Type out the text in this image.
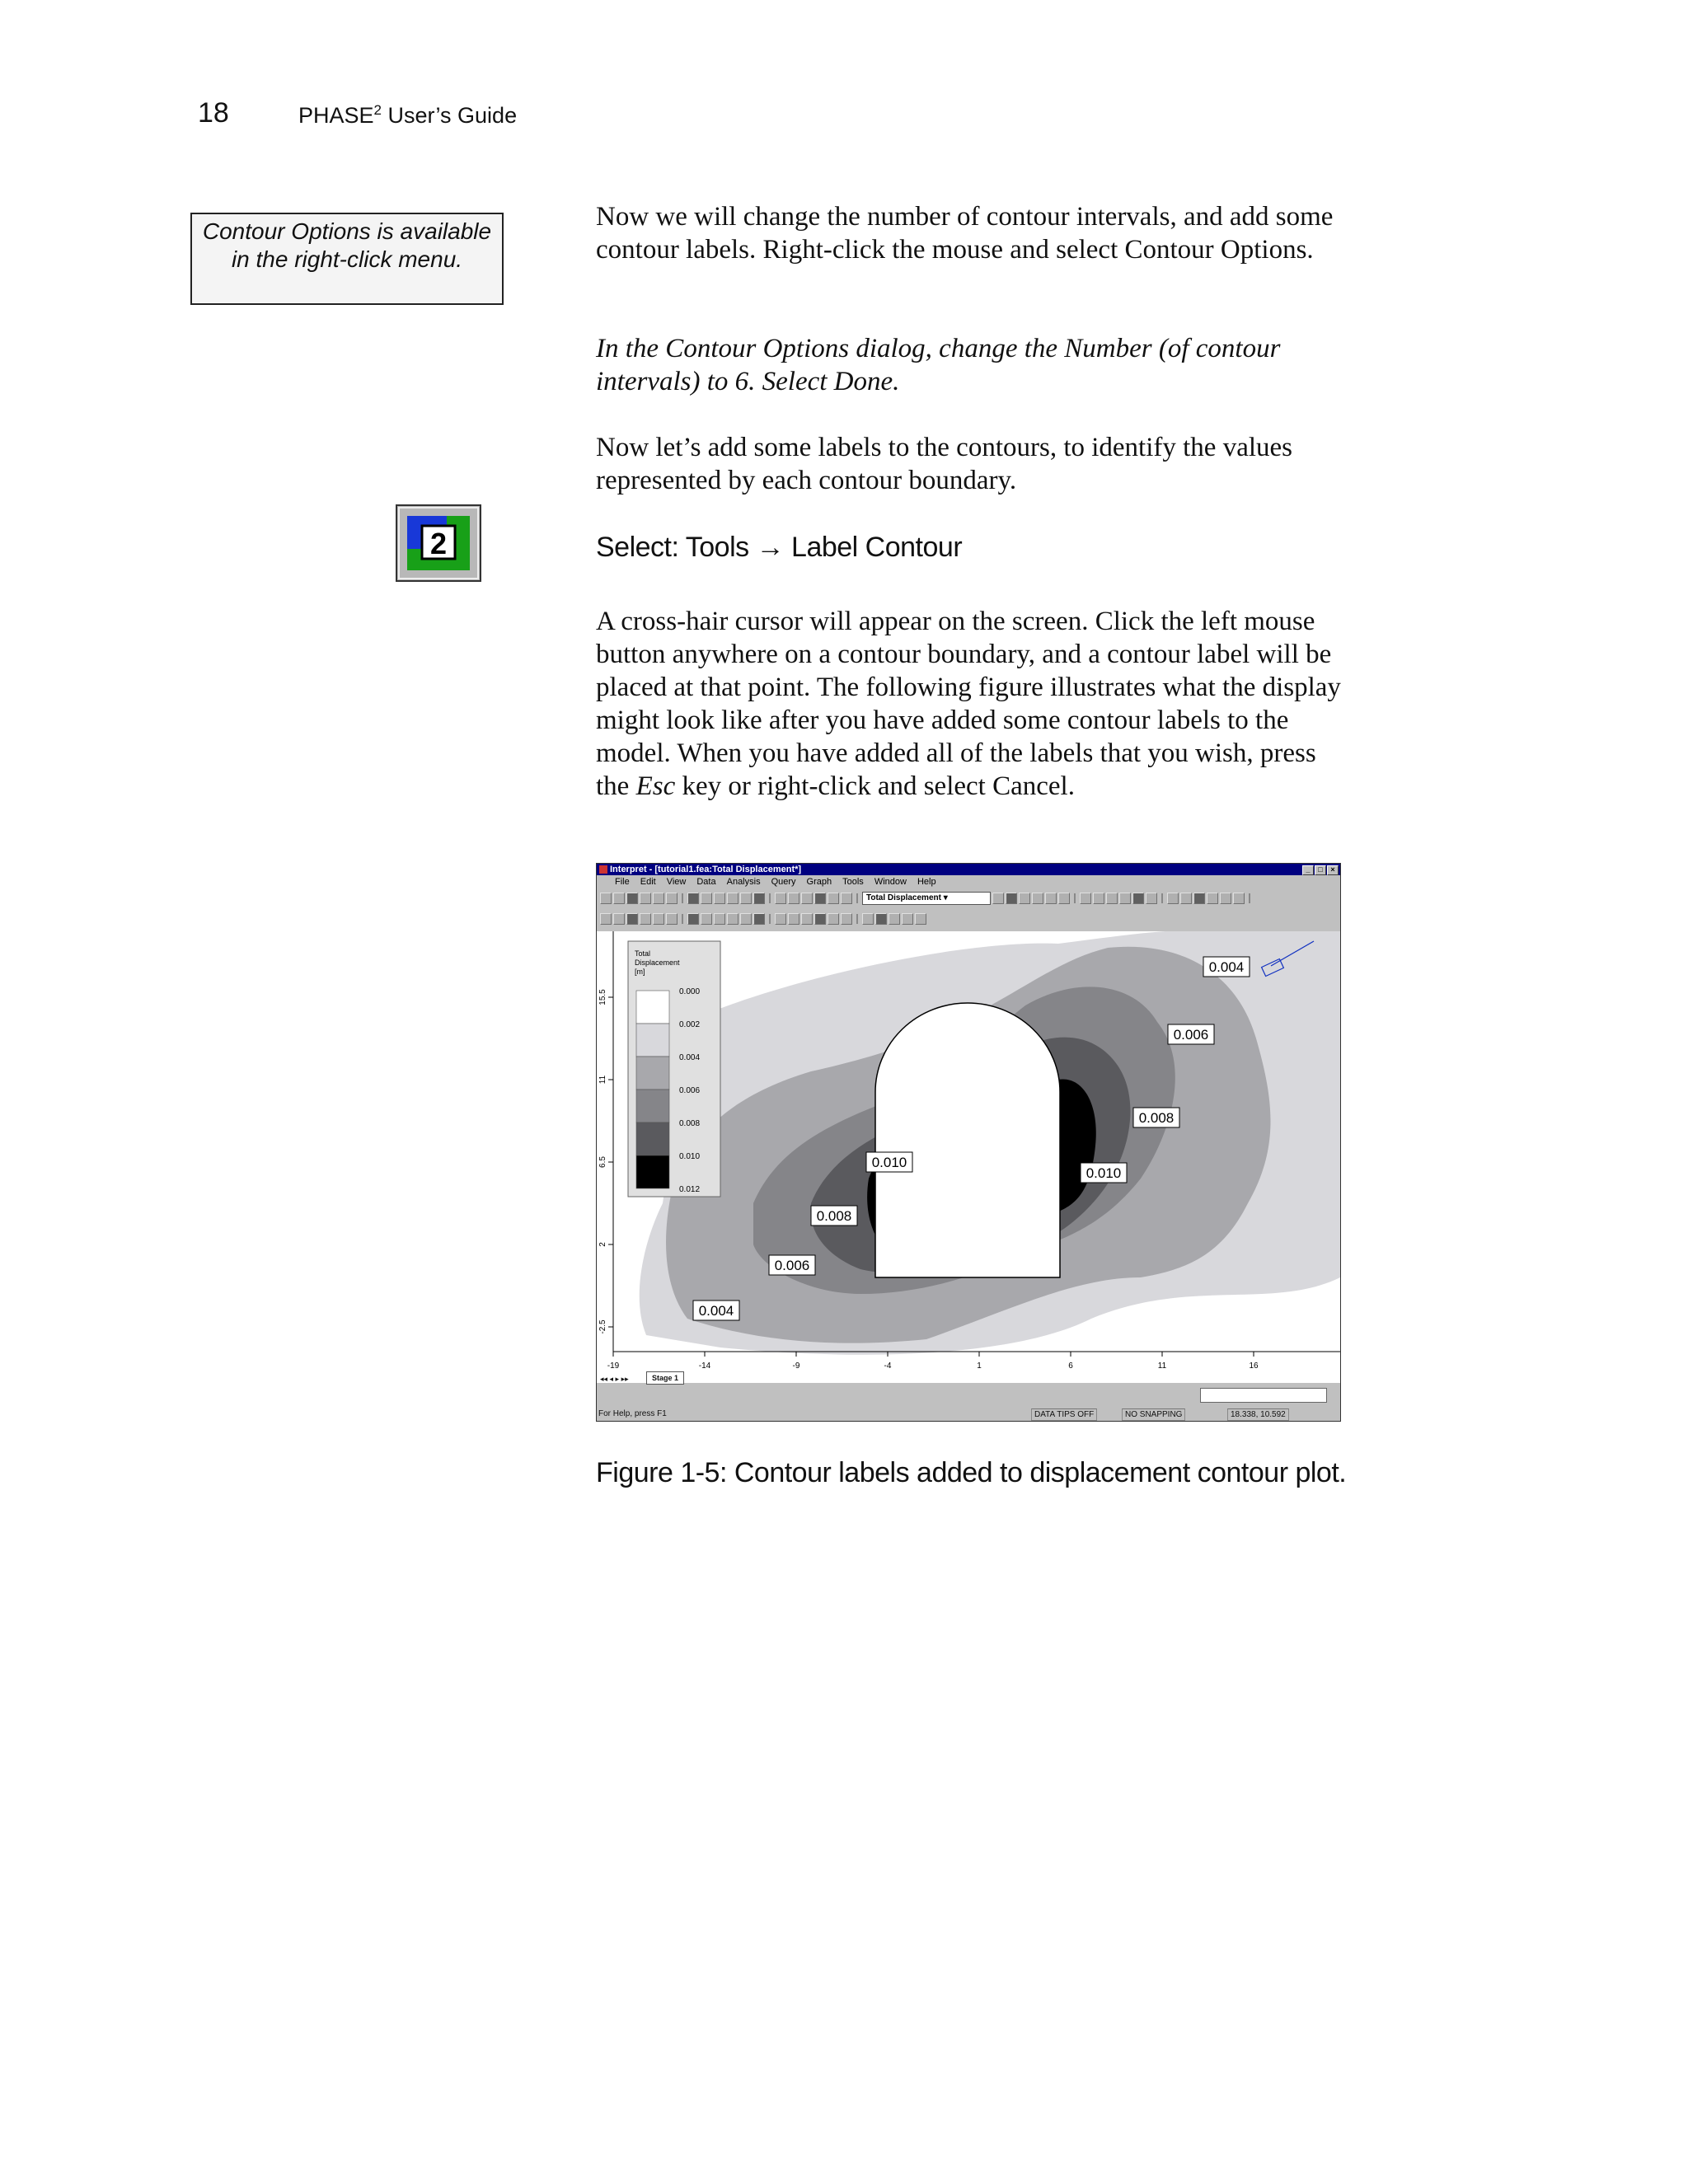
18	PHASE$^2$ User’s Guide
Contour Options is available in the right-click menu.
Now we will change the number of contour intervals, and add some contour labels. Right-click the mouse and select Contour Options.
In the Contour Options dialog, change the Number (of contour intervals) to 6. Select Done.
Now let’s add some labels to the contours, to identify the values represented by each contour boundary.
2	Select: Tools → Label Contour
A cross-hair cursor will appear on the screen. Click the left mouse button anywhere on a contour boundary, and a contour label will be placed at that point. The following figure illustrates what the display might look like after you have added some contour labels to the model. When you have added all of the labels that you wish, press the Esc key or right-click and select Cancel.
Interpret - [tutorial1.fea:Total Displacement*]	_	□	×
File Edit View Data Analysis Query Graph Tools Window Help
Total Displacement ▾
-19	-14	-9	-4	1	6	11	16
15.5
11
6.5
2
-2.5
Total
Displacement
[m]
0.000
0.002
0.004
0.006
0.008
0.010
0.012
0.004
0.006
0.008
0.010
0.010
0.008
0.006
0.004
◂◂ ◂ ▸ ▸▸	Stage 1
For Help, press F1	DATA TIPS OFF	NO SNAPPING	18.338, 10.592
Figure 1-5: Contour labels added to displacement contour plot.
